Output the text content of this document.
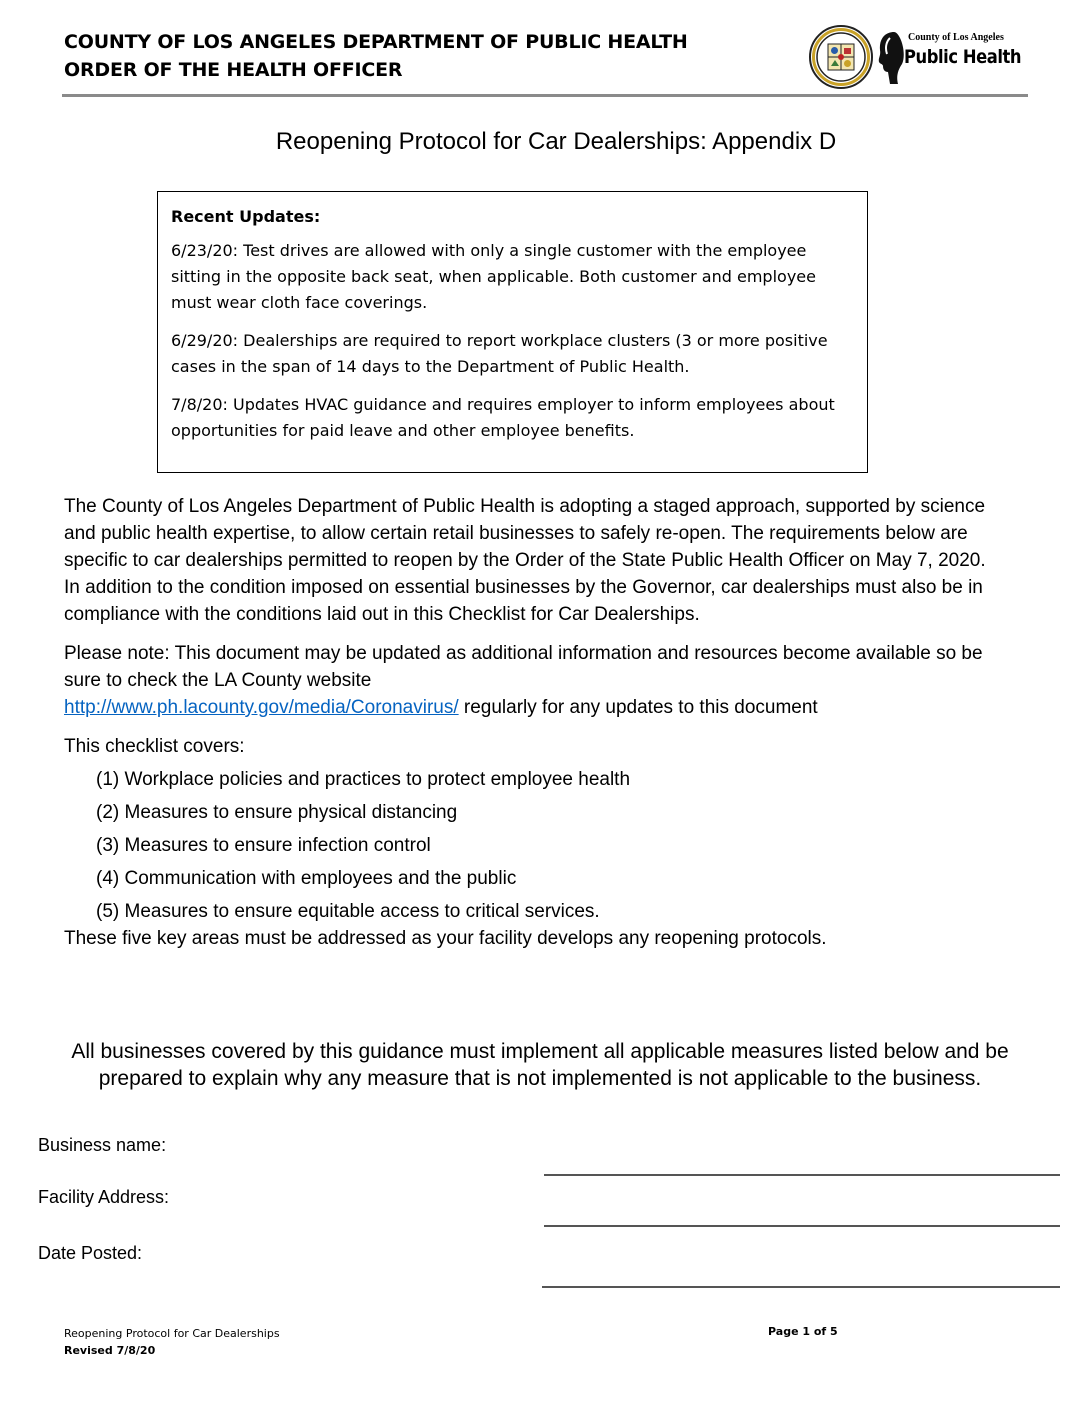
COUNTY OF LOS ANGELES DEPARTMENT OF PUBLIC HEALTH
ORDER OF THE HEALTH OFFICER
County of Los Angeles
Public Health
Reopening Protocol for Car Dealerships: Appendix D
Recent Updates:

6/23/20: Test drives are allowed with only a single customer with the employee sitting in the opposite back seat, when applicable. Both customer and employee must wear cloth face coverings.

6/29/20: Dealerships are required to report workplace clusters (3 or more positive cases in the span of 14 days to the Department of Public Health.

7/8/20: Updates HVAC guidance and requires employer to inform employees about opportunities for paid leave and other employee benefits.

The County of Los Angeles Department of Public Health is adopting a staged approach, supported by science and public health expertise, to allow certain retail businesses to safely re-open. The requirements below are specific to car dealerships permitted to reopen by the Order of the State Public Health Officer on May 7, 2020. In addition to the condition imposed on essential businesses by the Governor, car dealerships must also be in compliance with the conditions laid out in this Checklist for Car Dealerships.

Please note: This document may be updated as additional information and resources become available so be sure to check the LA County website
http://www.ph.lacounty.gov/media/Coronavirus/ regularly for any updates to this document

This checklist covers:

(1) Workplace policies and practices to protect employee health
(2) Measures to ensure physical distancing
(3) Measures to ensure infection control
(4) Communication with employees and the public
(5) Measures to ensure equitable access to critical services.

These five key areas must be addressed as your facility develops any reopening protocols.

All businesses covered by this guidance must implement all applicable measures listed below and be prepared to explain why any measure that is not implemented is not applicable to the business.
Business name:
Facility Address:
Date Posted:
Reopening Protocol for Car Dealerships
Revised 7/8/20
Page 1 of 5
